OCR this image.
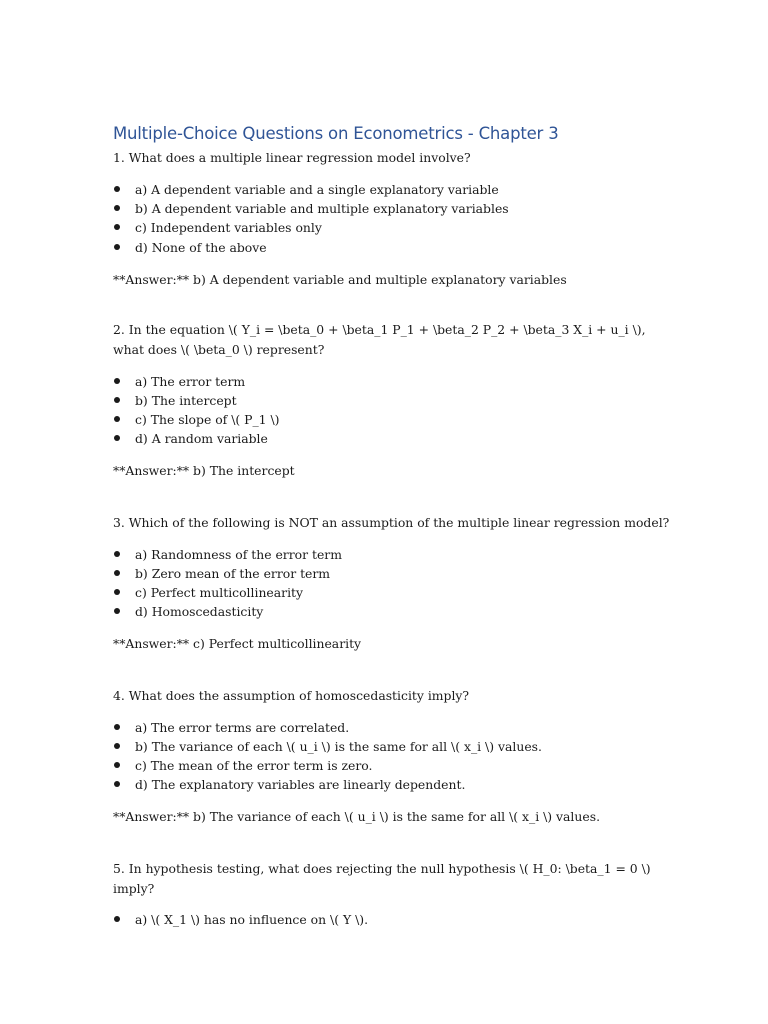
Multiple-Choice Questions on Econometrics - Chapter 3
1. What does a multiple linear regression model involve?
a) A dependent variable and a single explanatory variable
b) A dependent variable and multiple explanatory variables
c) Independent variables only
d) None of the above
**Answer:** b) A dependent variable and multiple explanatory variables
2. In the equation \( Y_i = \beta_0 + \beta_1 P_1 + \beta_2 P_2 + \beta_3 X_i + u_i \), what does \( \beta_0 \) represent?
a) The error term
b) The intercept
c) The slope of \( P_1 \)
d) A random variable
**Answer:** b) The intercept
3. Which of the following is NOT an assumption of the multiple linear regression model?
a) Randomness of the error term
b) Zero mean of the error term
c) Perfect multicollinearity
d) Homoscedasticity
**Answer:** c) Perfect multicollinearity
4. What does the assumption of homoscedasticity imply?
a) The error terms are correlated.
b) The variance of each \( u_i \) is the same for all \( x_i \) values.
c) The mean of the error term is zero.
d) The explanatory variables are linearly dependent.
**Answer:** b) The variance of each \( u_i \) is the same for all \( x_i \) values.
5. In hypothesis testing, what does rejecting the null hypothesis \( H_0: \beta_1 = 0 \) imply?
a) \( X_1 \) has no influence on \( Y \).
